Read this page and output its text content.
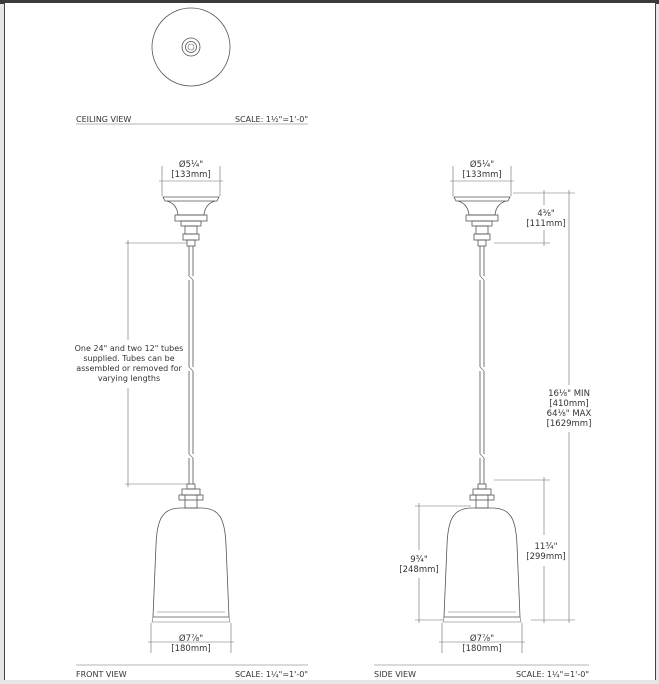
CEILING VIEW	SCALE: 1½"=1'-0"
Ø5¼"
[133mm]
One 24" and two 12" tubes
supplied. Tubes can be
assembled or removed for
varying lengths
Ø7⅞"
[180mm]
FRONT VIEW	SCALE: 1¼"=1'-0"
Ø5¼"
[133mm]
4⅜"
[111mm]
16⅛" MIN
[410mm]
64⅛" MAX
[1629mm]
11¾"
[299mm]
9¾"
[248mm]
Ø7⅞"
[180mm]
SIDE VIEW	SCALE: 1¼"=1'-0"
